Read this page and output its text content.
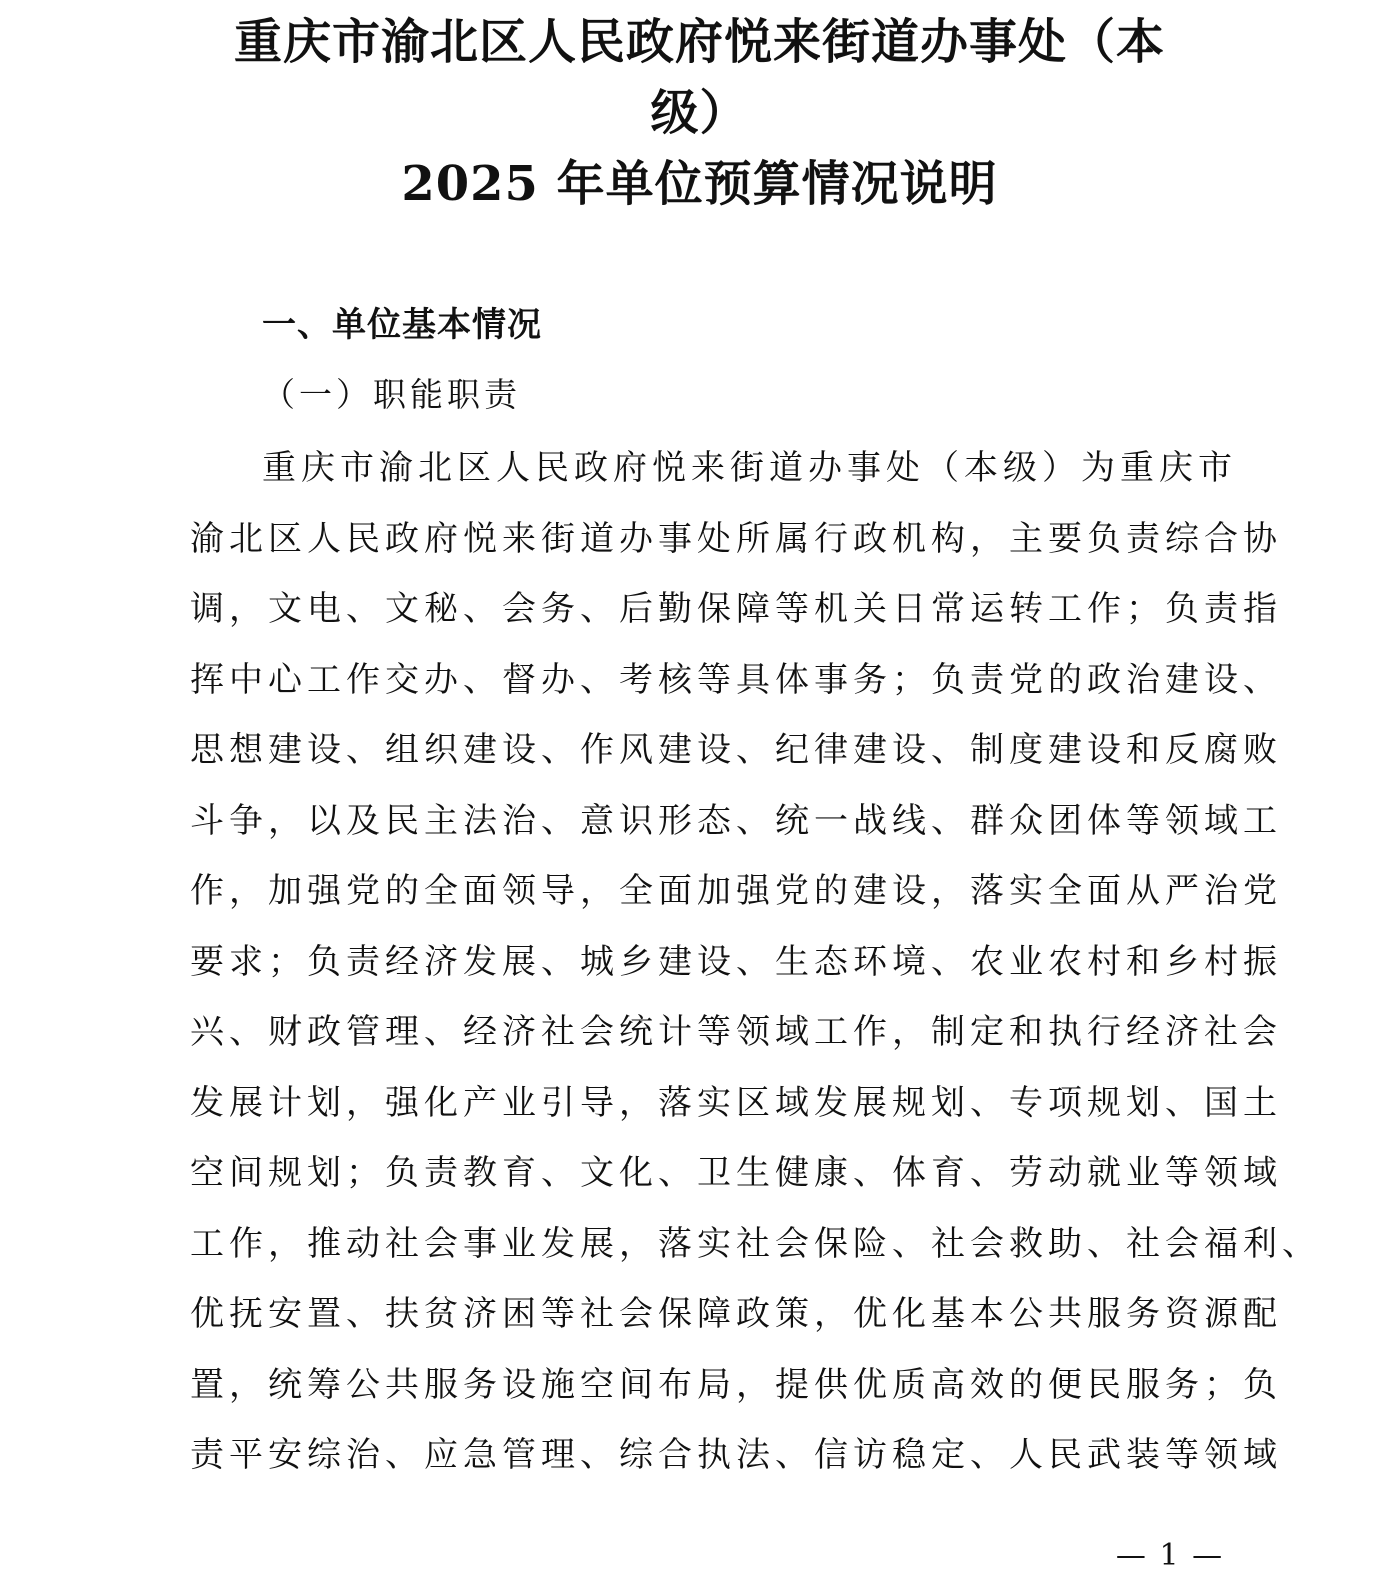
重庆市渝北区人民政府悦来街道办事处（本
级）
2025 年单位预算情况说明
一、单位基本情况
（一）职能职责
重庆市渝北区人民政府悦来街道办事处（本级）为重庆市
渝北区人民政府悦来街道办事处所属行政机构，主要负责综合协
调，文电、文秘、会务、后勤保障等机关日常运转工作；负责指
挥中心工作交办、督办、考核等具体事务；负责党的政治建设、
思想建设、组织建设、作风建设、纪律建设、制度建设和反腐败
斗争，以及民主法治、意识形态、统一战线、群众团体等领域工
作，加强党的全面领导，全面加强党的建设，落实全面从严治党
要求；负责经济发展、城乡建设、生态环境、农业农村和乡村振
兴、财政管理、经济社会统计等领域工作，制定和执行经济社会
发展计划，强化产业引导，落实区域发展规划、专项规划、国土
空间规划；负责教育、文化、卫生健康、体育、劳动就业等领域
工作，推动社会事业发展，落实社会保险、社会救助、社会福利、
优抚安置、扶贫济困等社会保障政策，优化基本公共服务资源配
置，统筹公共服务设施空间布局，提供优质高效的便民服务；负
责平安综治、应急管理、综合执法、信访稳定、人民武装等领域
— 1 —
